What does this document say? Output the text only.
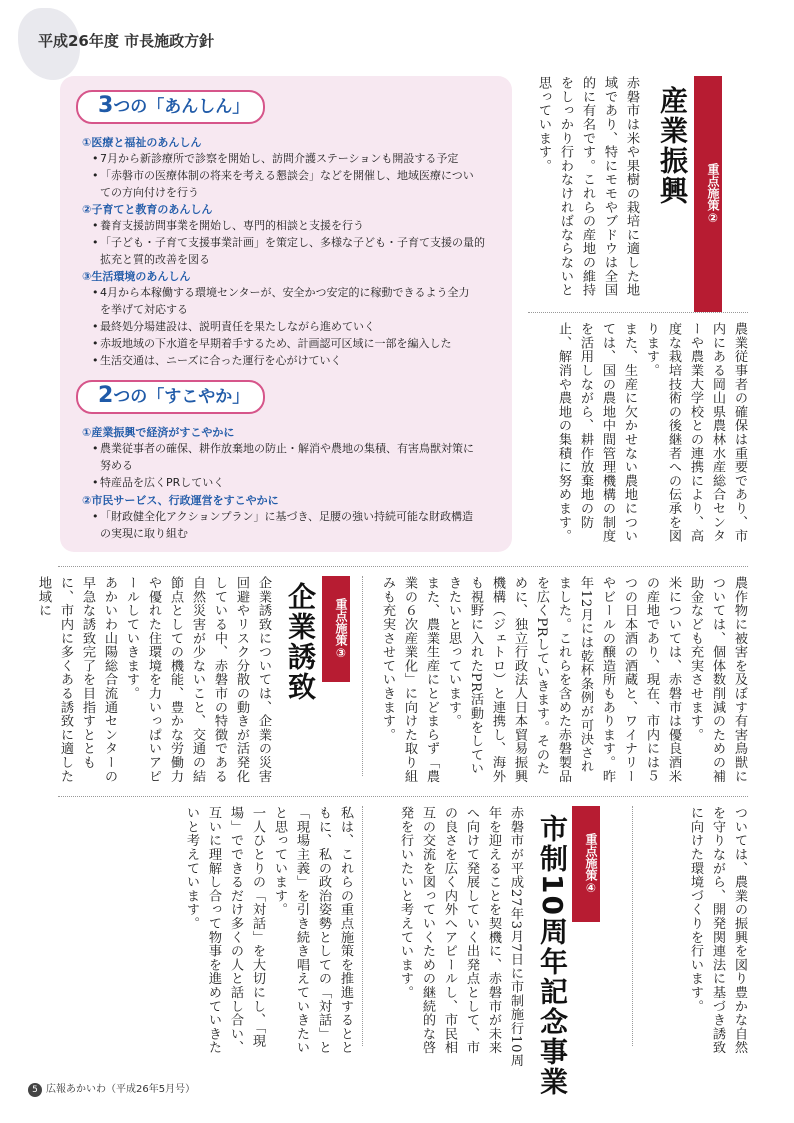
平成26年度 市長施政方針
3つの「あんしん」
①医療と福祉のあんしん
• 7月から新診療所で診察を開始し、訪問介護ステーションも開設する予定

• 「赤磐市の医療体制の将来を考える懇談会」などを開催し、地域医療につい

ての方向付けを行う

②子育てと教育のあんしん
• 養育支援訪問事業を開始し、専門的相談と支援を行う

• 「子ども・子育て支援事業計画」を策定し、多様な子ども・子育て支援の量的

拡充と質的改善を図る

③生活環境のあんしん
• 4月から本稼働する環境センターが、安全かつ安定的に稼動できるよう全力

を挙げて対応する

• 最終処分場建設は、説明責任を果たしながら進めていく

• 赤坂地域の下水道を早期着手するため、計画認可区域に一部を編入した

• 生活交通は、ニーズに合った運行を心がけていく

2つの「すこやか」
①産業振興で経済がすこやかに
• 農業従事者の確保、耕作放棄地の防止・解消や農地の集積、有害鳥獣対策に

努める

• 特産品を広くPRしていく

②市民サービス、行政運営をすこやかに
• 「財政健全化アクションプラン」に基づき、足腰の強い持続可能な財政構造

の実現に取り組む

重点施策②
産業振興

赤磐市は米や果樹の栽培に適した地域であり、特にモモやブドウは全国的に有名です。これらの産地の維持をしっかり行わなければならないと思っています。

農業従事者の確保は重要であり、市内にある岡山県農林水産総合センターや農業大学校との連携により、高度な栽培技術の後継者への伝承を図ります。

また、生産に欠かせない農地については、国の農地中間管理機構の制度を活用しながら、耕作放棄地の防止、解消や農地の集積に努めます。

農作物に被害を及ぼす有害鳥獣については、個体数削減のための補助金なども充実させます。

米については、赤磐市は優良酒米の産地であり、現在、市内には５つの日本酒の酒蔵と、ワイナリーやビールの醸造所もあります。昨年12月には乾杯条例が可決されました。これらを含めた赤磐製品を広くPRしていきます。そのために、独立行政法人日本貿易振興機構（ジェトロ）と連携し、海外も視野に入れたPR活動をしていきたいと思っています。

また、農業生産にとどまらず「農業の６次産業化」に向けた取り組みも充実させていきます。

重点施策③
企業誘致

企業誘致については、企業の災害回避やリスク分散の動きが活発化している中、赤磐市の特徴である自然災害が少ないこと、交通の結節点としての機能、豊かな労働力や優れた住環境を力いっぱいアピールしていきます。

あかいわ山陽総合流通センターの早急な誘致完了を目指すとともに、市内に多くある誘致に適した地域に

ついては、農業の振興を図り豊かな自然を守りながら、開発関連法に基づき誘致に向けた環境づくりを行います。

重点施策④
市制10周年記念事業

赤磐市が平成27年3月7日に市制施行10周年を迎えることを契機に、赤磐市が未来へ向けて発展していく出発点として、市の良さを広く内外へアピールし、市民相互の交流を図っていくための継続的な啓発を行いたいと考えています。

私は、これらの重点施策を推進するとともに、私の政治姿勢としての「対話」と「現場主義」を引き続き唱えていきたいと思っています。

一人ひとりの「対話」を大切にし、「現場」でできるだけ多くの人と話し合い、互いに理解し合って物事を進めていきたいと考えています。

5 広報あかいわ（平成26年5月号）
